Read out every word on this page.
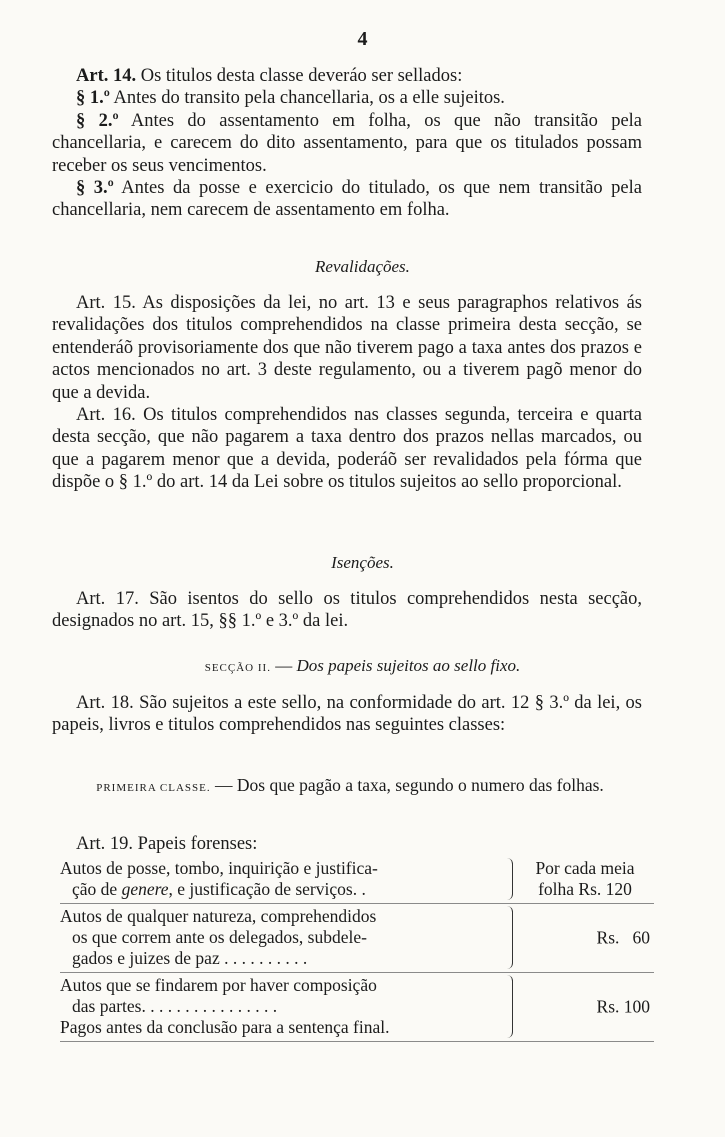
4

Art. 14. Os titulos desta classe deveráo ser sellados:

§ 1.º Antes do transito pela chancellaria, os a elle sujeitos.

§ 2.º Antes do assentamento em folha, os que não transitão pela chancellaria, e carecem do dito assentamento, para que os titulados possam receber os seus vencimentos.

§ 3.º Antes da posse e exercicio do titulado, os que nem transitão pela chancellaria, nem carecem de assentamento em folha.

Revalidações.

Art. 15. As disposições da lei, no art. 13 e seus paragraphos relativos ás revalidações dos titulos comprehendidos na classe primeira desta secção, se entenderáõ provisoriamente dos que não tiverem pago a taxa antes dos prazos e actos mencionados no art. 3 deste regulamento, ou a tiverem pagõ menor do que a devida.

Art. 16. Os titulos comprehendidos nas classes segunda, terceira e quarta desta secção, que não pagarem a taxa dentro dos prazos nellas marcados, ou que a pagarem menor que a devida, poderáõ ser revalidados pela fórma que dispõe o § 1.º do art. 14 da Lei sobre os titulos sujeitos ao sello proporcional.

Isenções.

Art. 17. São isentos do sello os titulos comprehendidos nesta secção, designados no art. 15, §§ 1.º e 3.º da lei.

SECÇÃO II. — Dos papeis sujeitos ao sello fixo.

Art. 18. São sujeitos a este sello, na conformidade do art. 12 § 3.º da lei, os papeis, livros e titulos comprehendidos nas seguintes classes:

PRIMEIRA CLASSE. — Dos que pagão a taxa, segundo o numero das folhas.

Art. 19. Papeis forenses:

Autos de posse, tombo, inquirição e justifica-
ção de genere, e justificação de serviços. .
Por cada meia
folha Rs. 120
Autos de qualquer natureza, comprehendidos
os que correm ante os delegados, subdele-
gados e juizes de paz . . . . . . . . . .
Rs.   60
Autos que se findarem por haver composição
das partes. . . . . . . . . . . . . . . .
Pagos antes da conclusão para a sentença final.
Rs. 100
